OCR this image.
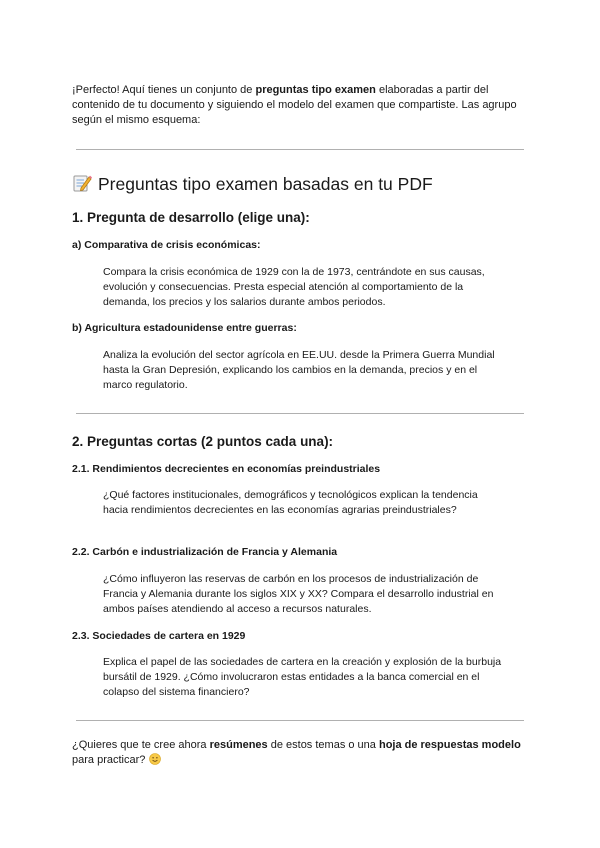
¡Perfecto! Aquí tienes un conjunto de preguntas tipo examen elaboradas a partir del contenido de tu documento y siguiendo el modelo del examen que compartiste. Las agrupo según el mismo esquema:

Preguntas tipo examen basadas en tu PDF
1. Pregunta de desarrollo (elige una):
a) Comparativa de crisis económicas:

Compara la crisis económica de 1929 con la de 1973, centrándote en sus causas, evolución y consecuencias. Presta especial atención al comportamiento de la demanda, los precios y los salarios durante ambos periodos.

b) Agricultura estadounidense entre guerras:

Analiza la evolución del sector agrícola en EE.UU. desde la Primera Guerra Mundial hasta la Gran Depresión, explicando los cambios en la demanda, precios y en el marco regulatorio.

2. Preguntas cortas (2 puntos cada una):
2.1. Rendimientos decrecientes en economías preindustriales

¿Qué factores institucionales, demográficos y tecnológicos explican la tendencia hacia rendimientos decrecientes en las economías agrarias preindustriales?

2.2. Carbón e industrialización de Francia y Alemania

¿Cómo influyeron las reservas de carbón en los procesos de industrialización de Francia y Alemania durante los siglos XIX y XX? Compara el desarrollo industrial en ambos países atendiendo al acceso a recursos naturales.

2.3. Sociedades de cartera en 1929

Explica el papel de las sociedades de cartera en la creación y explosión de la burbuja bursátil de 1929. ¿Cómo involucraron estas entidades a la banca comercial en el colapso del sistema financiero?

¿Quieres que te cree ahora resúmenes de estos temas o una hoja de respuestas modelo para practicar?
